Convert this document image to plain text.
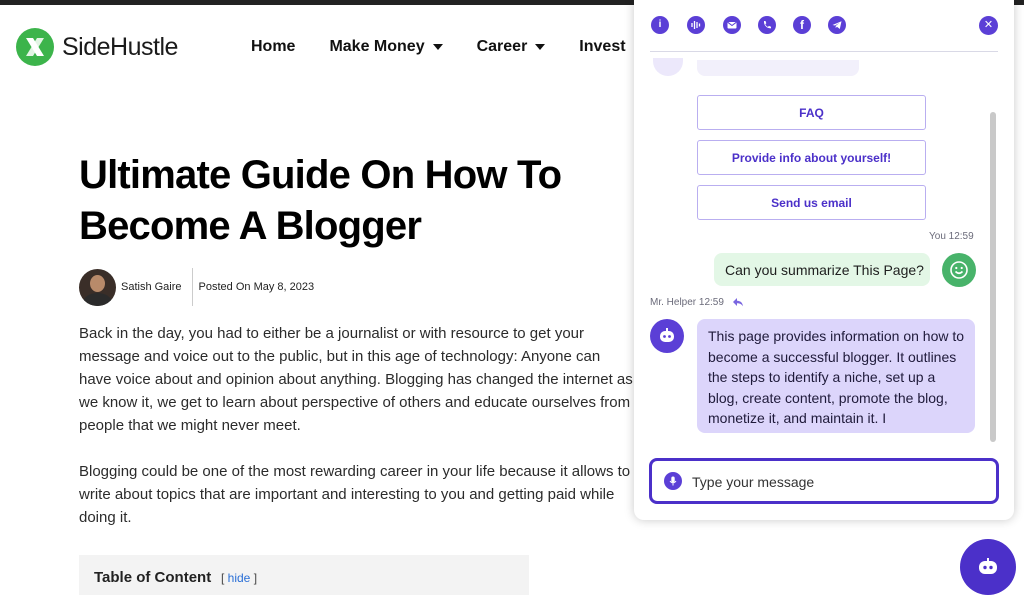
SideHustle	Home Make Money	Career	Invest
Ultimate Guide On How To Become A Blogger
Satish Gaire Posted On May 8, 2023

Back in the day, you had to either be a journalist or with resource to get your message and voice out to the public, but in this age of technology: Anyone can have voice about and opinion about anything. Blogging has changed the internet as we know it, we get to learn about perspective of others and educate ourselves from people that we might never meet.

Blogging could be one of the most rewarding career in your life because it allows to write about topics that are important and interesting to you and getting paid while doing it.

Table of Content [ hide ]
i	f	✕
FAQ
Provide info about yourself!
Send us email
You 12:59
Can you summarize This Page?
Mr. Helper 12:59
This page provides information on how to become a successful blogger. It outlines the steps to identify a niche, set up a blog, create content, promote the blog, monetize it, and maintain it. I
Type your message
